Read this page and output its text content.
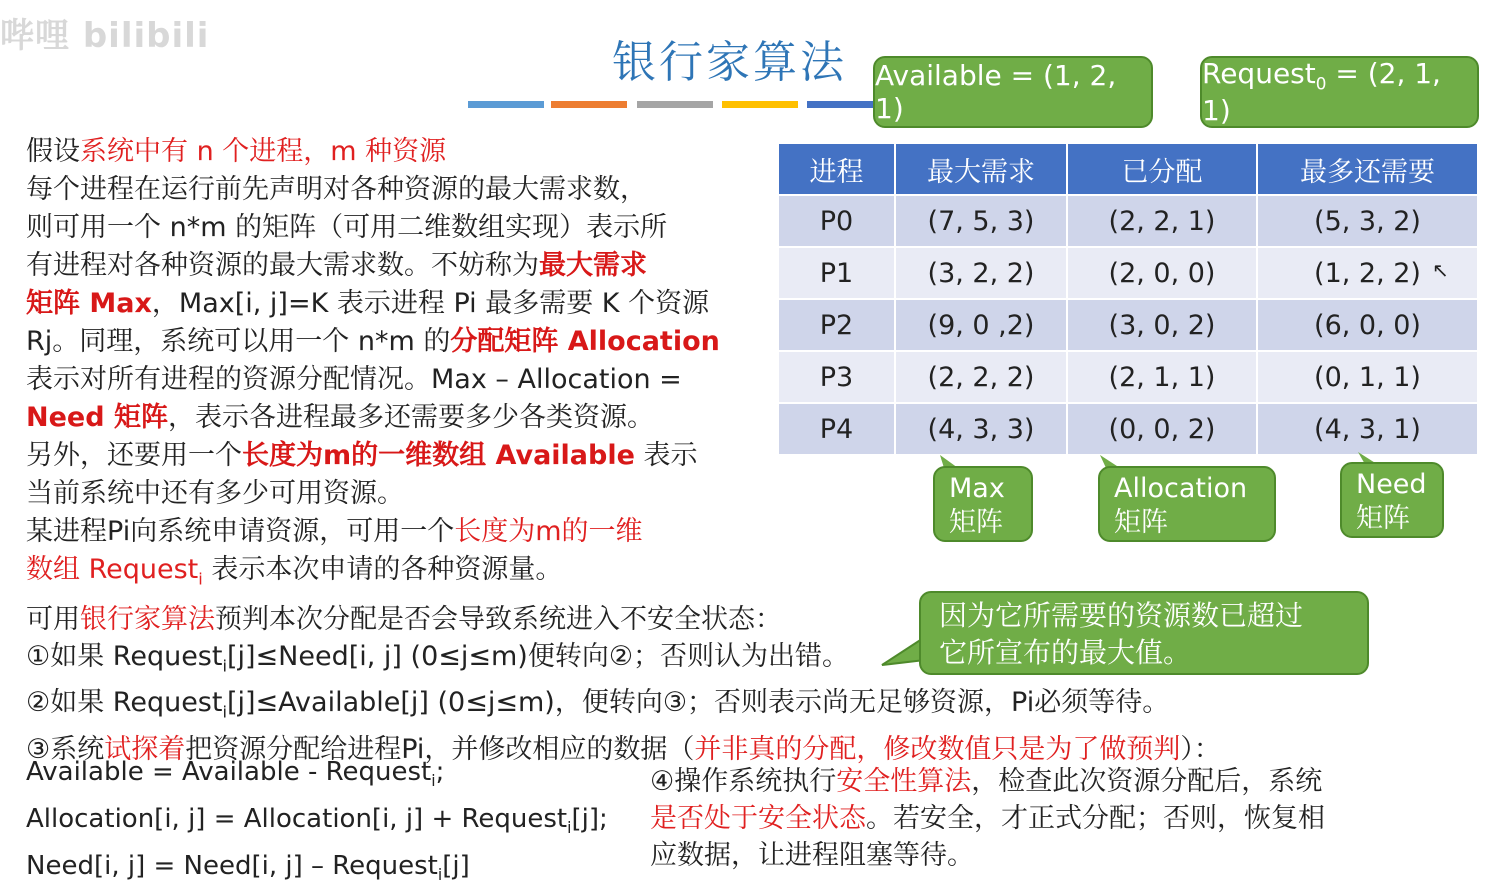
哔哩 bilibili
银行家算法 Available = (1, 2, 1)
Request$_0$ = (2, 1, 1)
假设系统中有 n 个进程，m 种资源
每个进程在运行前先声明对各种资源的最大需求数，
则可用一个 n*m 的矩阵（可用二维数组实现）表示所
有进程对各种资源的最大需求数。不妨称为最大需求
矩阵 Max，Max[i, j]=K 表示进程 Pi 最多需要 K 个资源
Rj。同理，系统可以用一个 n*m 的分配矩阵 Allocation
表示对所有进程的资源分配情况。Max – Allocation =
Need 矩阵，表示各进程最多还需要多少各类资源。
另外，还要用一个长度为m的一维数组 Available 表示
当前系统中还有多少可用资源。
某进程Pi向系统申请资源，可用一个长度为m的一维
数组 Request$_i$ 表示本次申请的各种资源量。
进程	最大需求	已分配	最多还需要
P0	(7, 5, 3)	(2, 2, 1)	(5, 3, 2)
P1	(3, 2, 2)	(2, 0, 0)	(1, 2, 2)
P2	(9, 0 ,2)	(3, 0, 2)	(6, 0, 0)
P3	(2, 2, 2)	(2, 1, 1)	(0, 1, 1)
P4	(4, 3, 3)	(0, 0, 2)	(4, 3, 1)
↖
Max
矩阵
Allocation
矩阵
Need
矩阵
因为它所需要的资源数已超过
它所宣布的最大值。
可用银行家算法预判本次分配是否会导致系统进入不安全状态：
①如果 Request$_i$[j]≤Need[i, j] (0≤j≤m)便转向②；否则认为出错。
②如果 Request$_i$[j]≤Available[j] (0≤j≤m)，便转向③；否则表示尚无足够资源，Pi必须等待。
③系统试探着把资源分配给进程Pi，并修改相应的数据（并非真的分配，修改数值只是为了做预判）：
Available = Available - Request$_i$;
Allocation[i, j] = Allocation[i, j] + Request$_i$[j];
Need[i, j] = Need[i, j] – Request$_i$[j]
④操作系统执行安全性算法，检查此次资源分配后，系统
是否处于安全状态。若安全，才正式分配；否则，恢复相
应数据，让进程阻塞等待。
